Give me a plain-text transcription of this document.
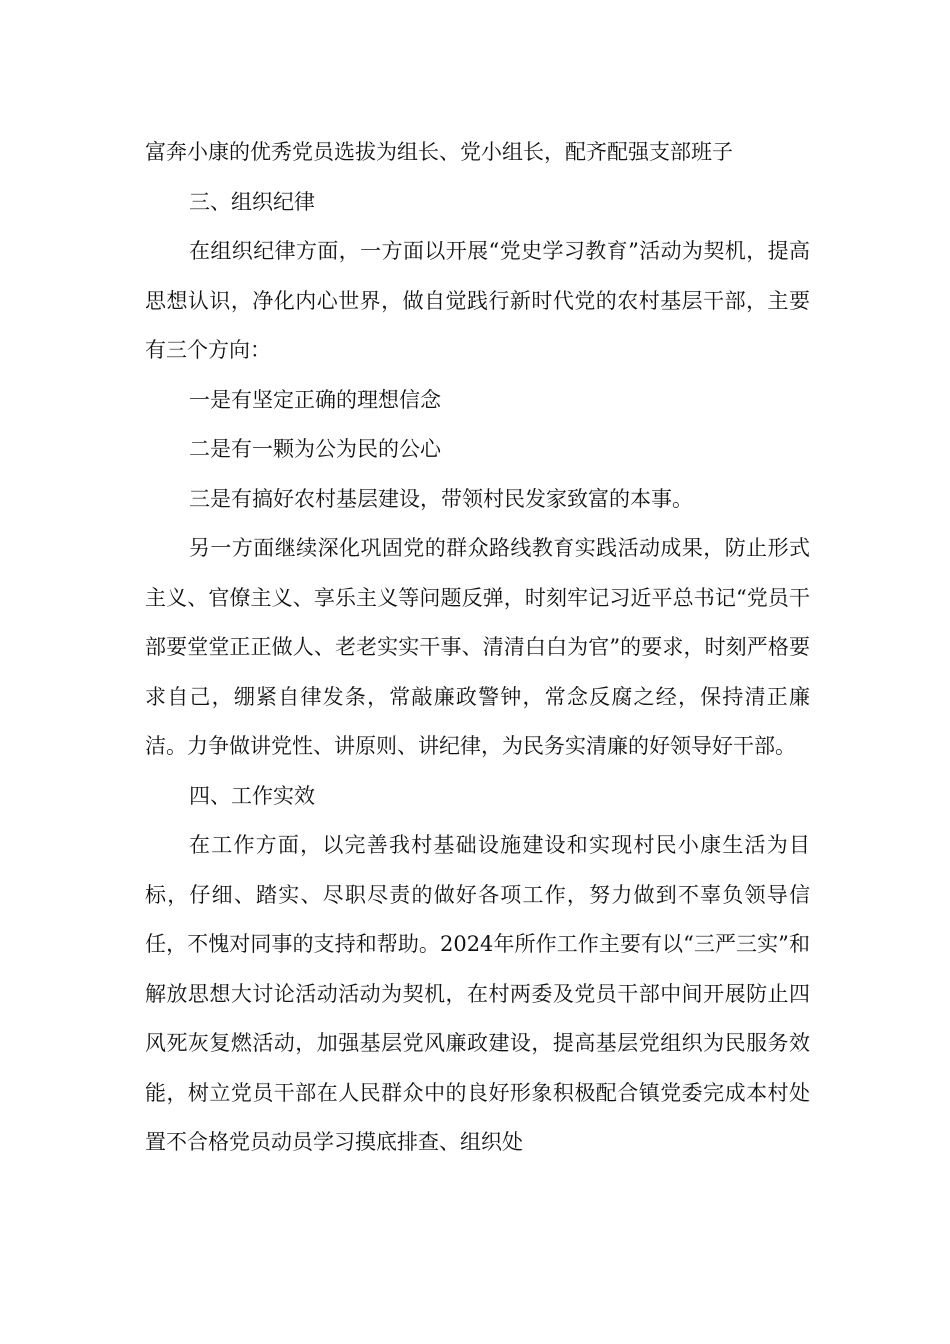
富奔小康的优秀党员选拔为组长、党小组长，配齐配强支部班子

三、组织纪律

在组织纪律方面，一方面以开展“党史学习教育”活动为契机，提高思想认识，净化内心世界，做自觉践行新时代党的农村基层干部，主要有三个方向：

一是有坚定正确的理想信念

二是有一颗为公为民的公心

三是有搞好农村基层建设，带领村民发家致富的本事。

另一方面继续深化巩固党的群众路线教育实践活动成果，防止形式主义、官僚主义、享乐主义等问题反弹，时刻牢记习近平总书记“党员干部要堂堂正正做人、老老实实干事、清清白白为官”的要求，时刻严格要求自己，绷紧自律发条，常敲廉政警钟，常念反腐之经，保持清正廉洁。力争做讲党性、讲原则、讲纪律，为民务实清廉的好领导好干部。

四、工作实效

在工作方面，以完善我村基础设施建设和实现村民小康生活为目标，仔细、踏实、尽职尽责的做好各项工作，努力做到不辜负领导信任，不愧对同事的支持和帮助。2024年所作工作主要有以“三严三实”和解放思想大讨论活动活动为契机，在村两委及党员干部中间开展防止四风死灰复燃活动，加强基层党风廉政建设，提高基层党组织为民服务效能，树立党员干部在人民群众中的良好形象积极配合镇党委完成本村处置不合格党员动员学习摸底排查、组织处
